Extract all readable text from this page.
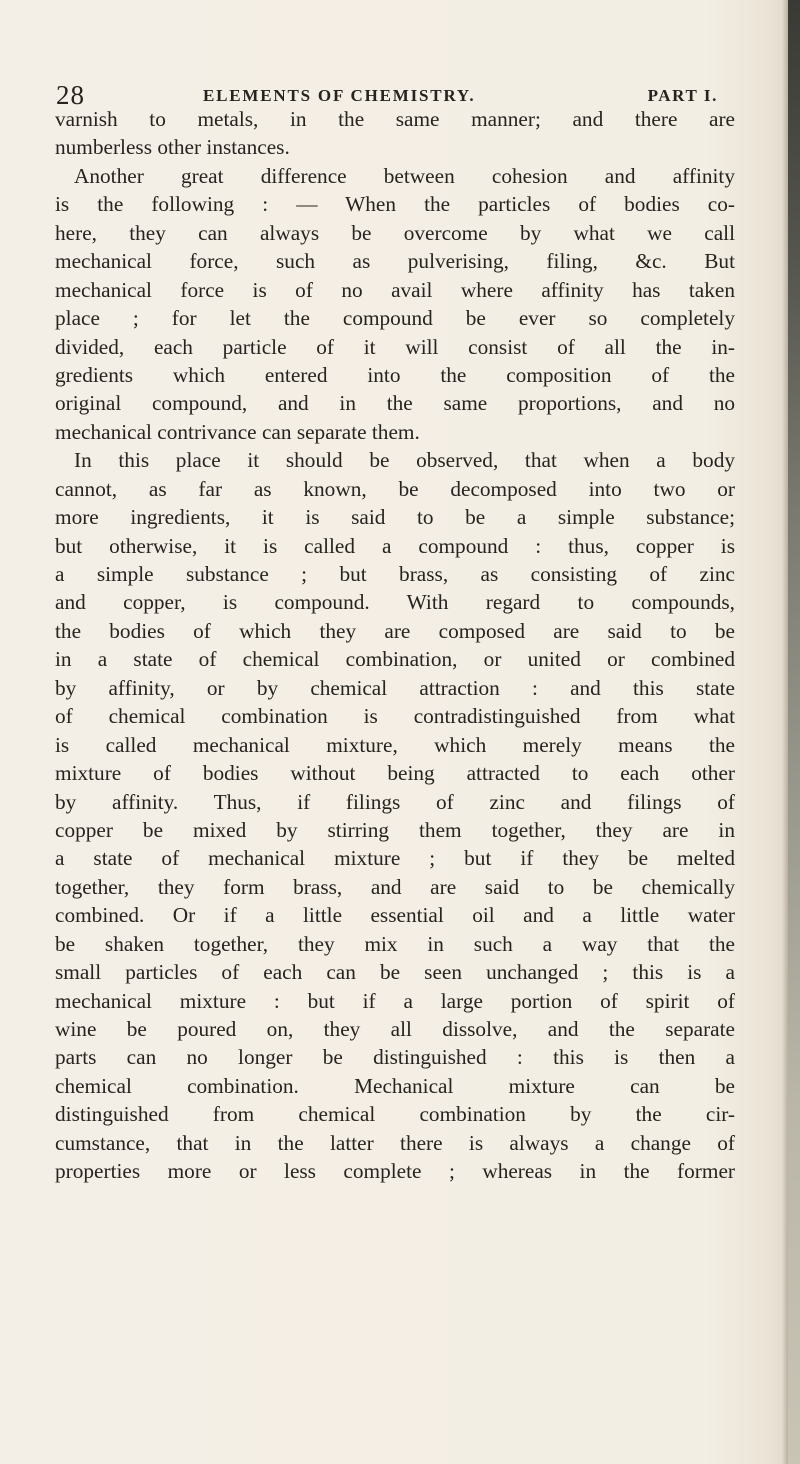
28	ELEMENTS OF CHEMISTRY.	PART I.
varnish to metals, in the same manner; and there are
numberless other instances.
Another great difference between cohesion and affinity
is the following : — When the particles of bodies co-
here, they can always be overcome by what we call
mechanical force, such as pulverising, filing, &c. But
mechanical force is of no avail where affinity has taken
place ; for let the compound be ever so completely
divided, each particle of it will consist of all the in-
gredients which entered into the composition of the
original compound, and in the same proportions, and no
mechanical contrivance can separate them.
In this place it should be observed, that when a body
cannot, as far as known, be decomposed into two or
more ingredients, it is said to be a simple substance;
but otherwise, it is called a compound : thus, copper is
a simple substance ; but brass, as consisting of zinc
and copper, is compound. With regard to compounds,
the bodies of which they are composed are said to be
in a state of chemical combination, or united or combined
by affinity, or by chemical attraction : and this state
of chemical combination is contradistinguished from what
is called mechanical mixture, which merely means the
mixture of bodies without being attracted to each other
by affinity. Thus, if filings of zinc and filings of
copper be mixed by stirring them together, they are in
a state of mechanical mixture ; but if they be melted
together, they form brass, and are said to be chemically
combined. Or if a little essential oil and a little water
be shaken together, they mix in such a way that the
small particles of each can be seen unchanged ; this is a
mechanical mixture : but if a large portion of spirit of
wine be poured on, they all dissolve, and the separate
parts can no longer be distinguished : this is then a
chemical combination. Mechanical mixture can be
distinguished from chemical combination by the cir-
cumstance, that in the latter there is always a change of
properties more or less complete ; whereas in the former
